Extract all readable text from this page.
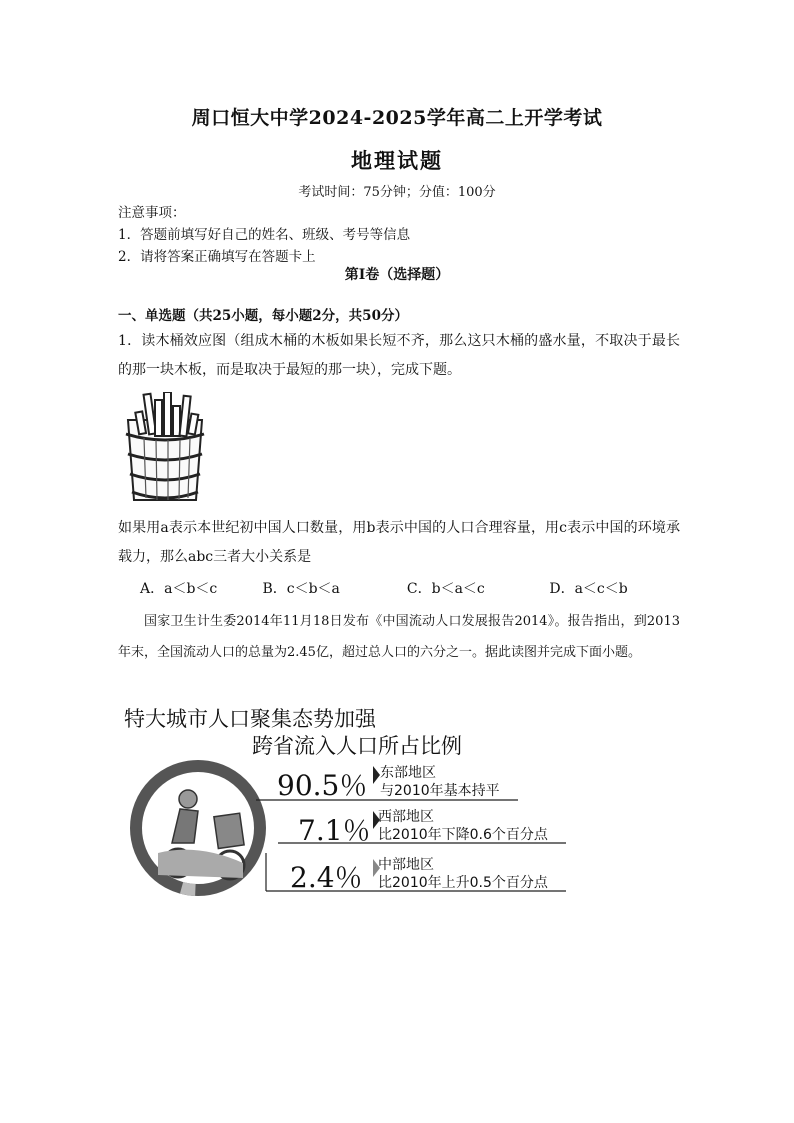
周口恒大中学2024-2025学年高二上开学考试
地理试题
考试时间：75分钟；分值：100分
注意事项：
1．答题前填写好自己的姓名、班级、考号等信息
2．请将答案正确填写在答题卡上
第Ⅰ卷（选择题）
一、单选题（共25小题，每小题2分，共50分）
1．读木桶效应图（组成木桶的木板如果长短不齐，那么这只木桶的盛水量，不取决于最长的那一块木板，而是取决于最短的那一块），完成下题。
如果用a表示本世纪初中国人口数量，用b表示中国的人口合理容量，用c表示中国的环境承载力，那么abc三者大小关系是
A．a＜b＜c	B．c＜b＜a	C．b＜a＜c	D．a＜c＜b
国家卫生计生委2014年11月18日发布《中国流动人口发展报告2014》。报告指出，到2013年末，全国流动人口的总量为2.45亿，超过总人口的六分之一。据此读图并完成下面小题。
特大城市人口聚集态势加强
跨省流入人口所占比例
90.5％ 东部地区
与2010年基本持平
7.1％ 西部地区
比2010年下降0.6个百分点
2.4％ 中部地区
比2010年上升0.5个百分点
